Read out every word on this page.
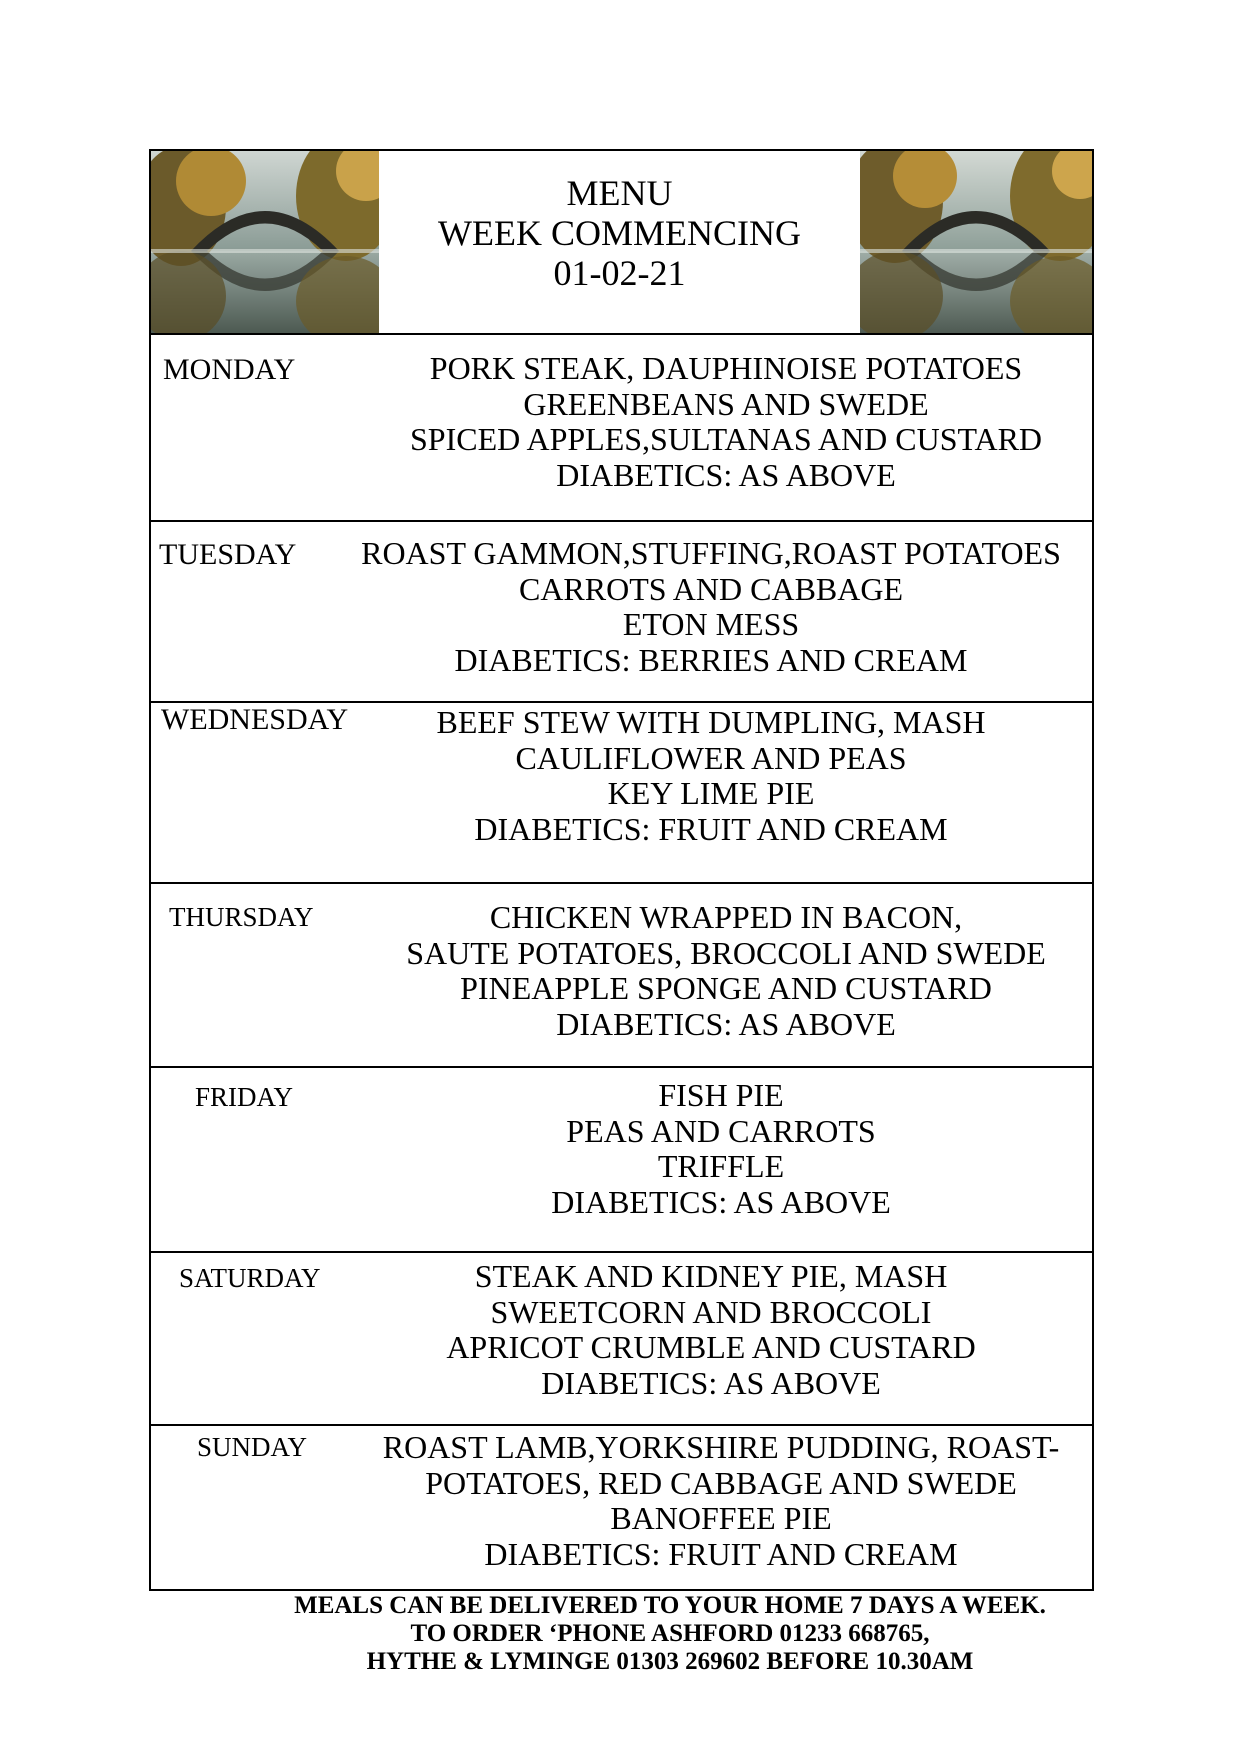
MENU
WEEK COMMENCING
01-02-21
MONDAY	PORK STEAK, DAUPHINOISE POTATOES
GREENBEANS AND SWEDE
SPICED APPLES,SULTANAS AND CUSTARD
DIABETICS: AS ABOVE
TUESDAY	ROAST GAMMON,STUFFING,ROAST POTATOES
CARROTS AND CABBAGE
ETON MESS
DIABETICS: BERRIES AND CREAM
WEDNESDAY	BEEF STEW WITH DUMPLING, MASH
CAULIFLOWER AND PEAS
KEY LIME PIE
DIABETICS: FRUIT AND CREAM
THURSDAY	CHICKEN WRAPPED IN BACON,
SAUTE POTATOES, BROCCOLI AND SWEDE
PINEAPPLE SPONGE AND CUSTARD
DIABETICS: AS ABOVE
FRIDAY	FISH PIE
PEAS AND CARROTS
TRIFFLE
DIABETICS: AS ABOVE
SATURDAY	STEAK AND KIDNEY PIE, MASH
SWEETCORN AND BROCCOLI
APRICOT CRUMBLE AND CUSTARD
DIABETICS: AS ABOVE
SUNDAY	ROAST LAMB,YORKSHIRE PUDDING, ROAST-
POTATOES, RED CABBAGE AND SWEDE
BANOFFEE PIE
DIABETICS: FRUIT AND CREAM
MEALS CAN BE DELIVERED TO YOUR HOME 7 DAYS A WEEK.
TO ORDER ‘PHONE ASHFORD 01233 668765,
HYTHE & LYMINGE 01303 269602 BEFORE 10.30AM
